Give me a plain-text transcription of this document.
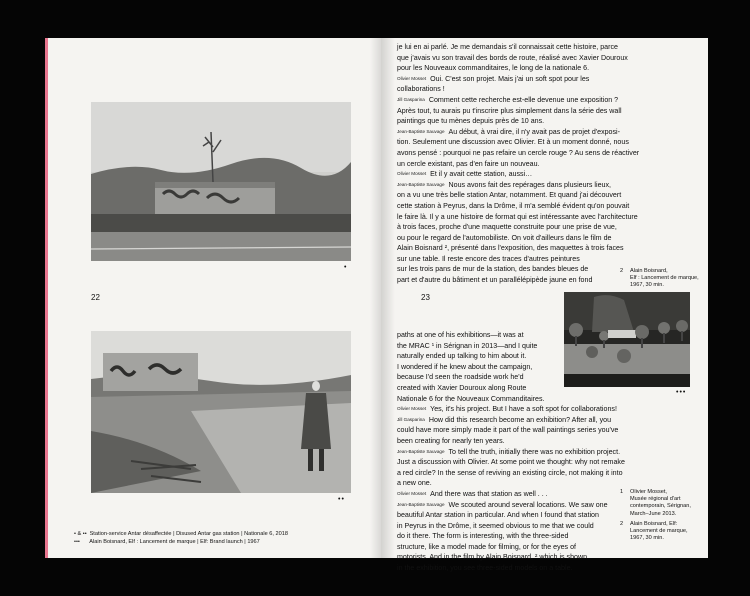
•
22
••
• & •• Station-service Antar désaffectée | Disused Antar gas station | Nationale 6, 2018
••• Alain Boisnard, Elf : Lancement de marque | Elf: Brand launch | 1967

je lui en ai parlé. Je me demandais s'il connaissait cette histoire, parce
que j'avais vu son travail des bords de route, réalisé avec Xavier Douroux
pour les Nouveaux commanditaires, le long de la nationale 6.

Olivier Mosset Oui. C'est son projet. Mais j'ai un soft spot pour les
collaborations !

Jill Gasparina Comment cette recherche est-elle devenue une exposition ?
Après tout, tu aurais pu t'inscrire plus simplement dans la série des wall
paintings que tu mènes depuis près de 10 ans.

Jean-Baptiste Sauvage Au début, à vrai dire, il n'y avait pas de projet d'exposi-
tion. Seulement une discussion avec Olivier. Et à un moment donné, nous
avons pensé : pourquoi ne pas refaire un cercle rouge ? Au sens de réactiver
un cercle existant, pas d'en faire un nouveau.

Olivier Mosset Et il y avait cette station, aussi…

Jean-Baptiste Sauvage Nous avons fait des repérages dans plusieurs lieux,
on a vu une très belle station Antar, notamment. Et quand j'ai découvert
cette station à Peyrus, dans la Drôme, il m'a semblé évident qu'on pouvait
le faire là. Il y a une histoire de format qui est intéressante avec l'architecture
à trois faces, proche d'une maquette construite pour une prise de vue,
ou pour le regard de l'automobiliste. On voit d'ailleurs dans le film de
Alain Boisnard ², présenté dans l'exposition, des maquettes à trois faces
sur une table. Il reste encore des traces d'autres peintures
sur les trois pans de mur de la station, des bandes bleues de
part et d'autre du bâtiment et un parallélépipède jaune en fond

2 Alain Boisnard,
Elf : Lancement de marque,
1967, 30 min.
23
•••

paths at one of his exhibitions—it was at
the MRAC ¹ in Sérignan in 2013—and I quite
naturally ended up talking to him about it.
I wondered if he knew about the campaign,
because I'd seen the roadside work he'd
created with Xavier Douroux along Route
Nationale 6 for the Nouveaux Commanditaires.

Olivier Mosset Yes, it's his project. But I have a soft spot for collaborations!

Jill Gasparina How did this research become an exhibition? After all, you
could have more simply made it part of the wall paintings series you've
been creating for nearly ten years.

Jean-Baptiste Sauvage To tell the truth, initially there was no exhibition project.
Just a discussion with Olivier. At some point we thought: why not remake
a red circle? In the sense of reviving an existing circle, not making it into
a new one.

Olivier Mosset And there was that station as well . . .

Jean-Baptiste Sauvage We scouted around several locations. We saw one
beautiful Antar station in particular. And when I found that station
in Peyrus in the Drôme, it seemed obvious to me that we could
do it there. The form is interesting, with the three-sided
structure, like a model made for filming, or for the eyes of
motorists. And in the film by Alain Boisnard, ² which is shown
in the exhibition, you see three-sided models on a table.

1 Olivier Mosset,
Musée régional d'art
contemporain, Sérignan,
March–June 2013.
2 Alain Boisnard, Elf:
Lancement de marque,
1967, 30 min.
